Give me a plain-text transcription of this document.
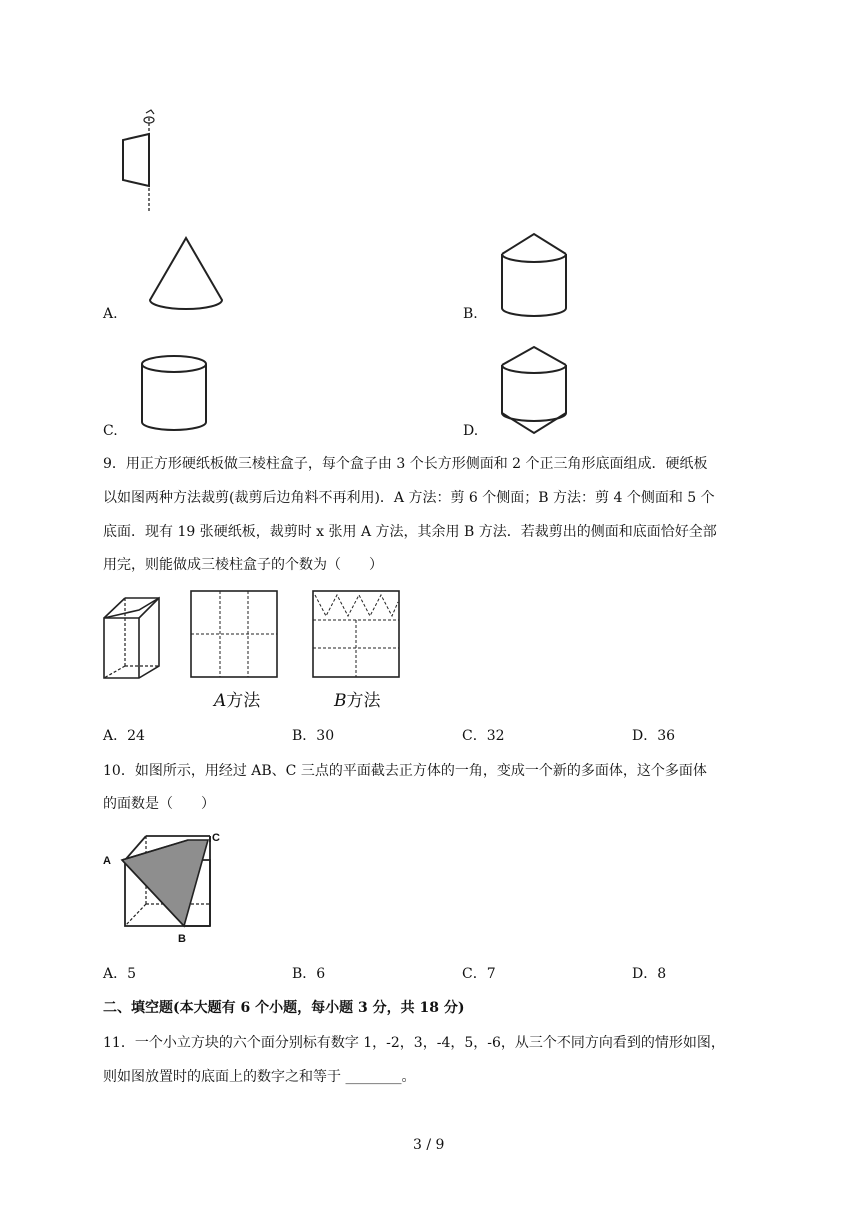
A.	B.
C.	D.
9．用正方形硬纸板做三棱柱盒子，每个盒子由 3 个长方形侧面和 2 个正三角形底面组成．硬纸板
以如图两种方法裁剪(裁剪后边角料不再利用)．A 方法：剪 6 个侧面；B 方法：剪 4 个侧面和 5 个
底面．现有 19 张硬纸板，裁剪时 x 张用 A 方法，其余用 B 方法．若裁剪出的侧面和底面恰好全部
用完，则能做成三棱柱盒子的个数为（　　）
A方法	B方法
A．24	B．30	C．32	D．36
10．如图所示，用经过 AB、C 三点的平面截去正方体的一角，变成一个新的多面体，这个多面体
的面数是（　　）
A
C
B
A．5	B．6	C．7	D．8
二、填空题(本大题有 6 个小题，每小题 3 分，共 18 分)
11．一个小立方块的六个面分别标有数字 1，-2，3，-4，5，-6，从三个不同方向看到的情形如图，
则如图放置时的底面上的数字之和等于 ________。
3 / 9
